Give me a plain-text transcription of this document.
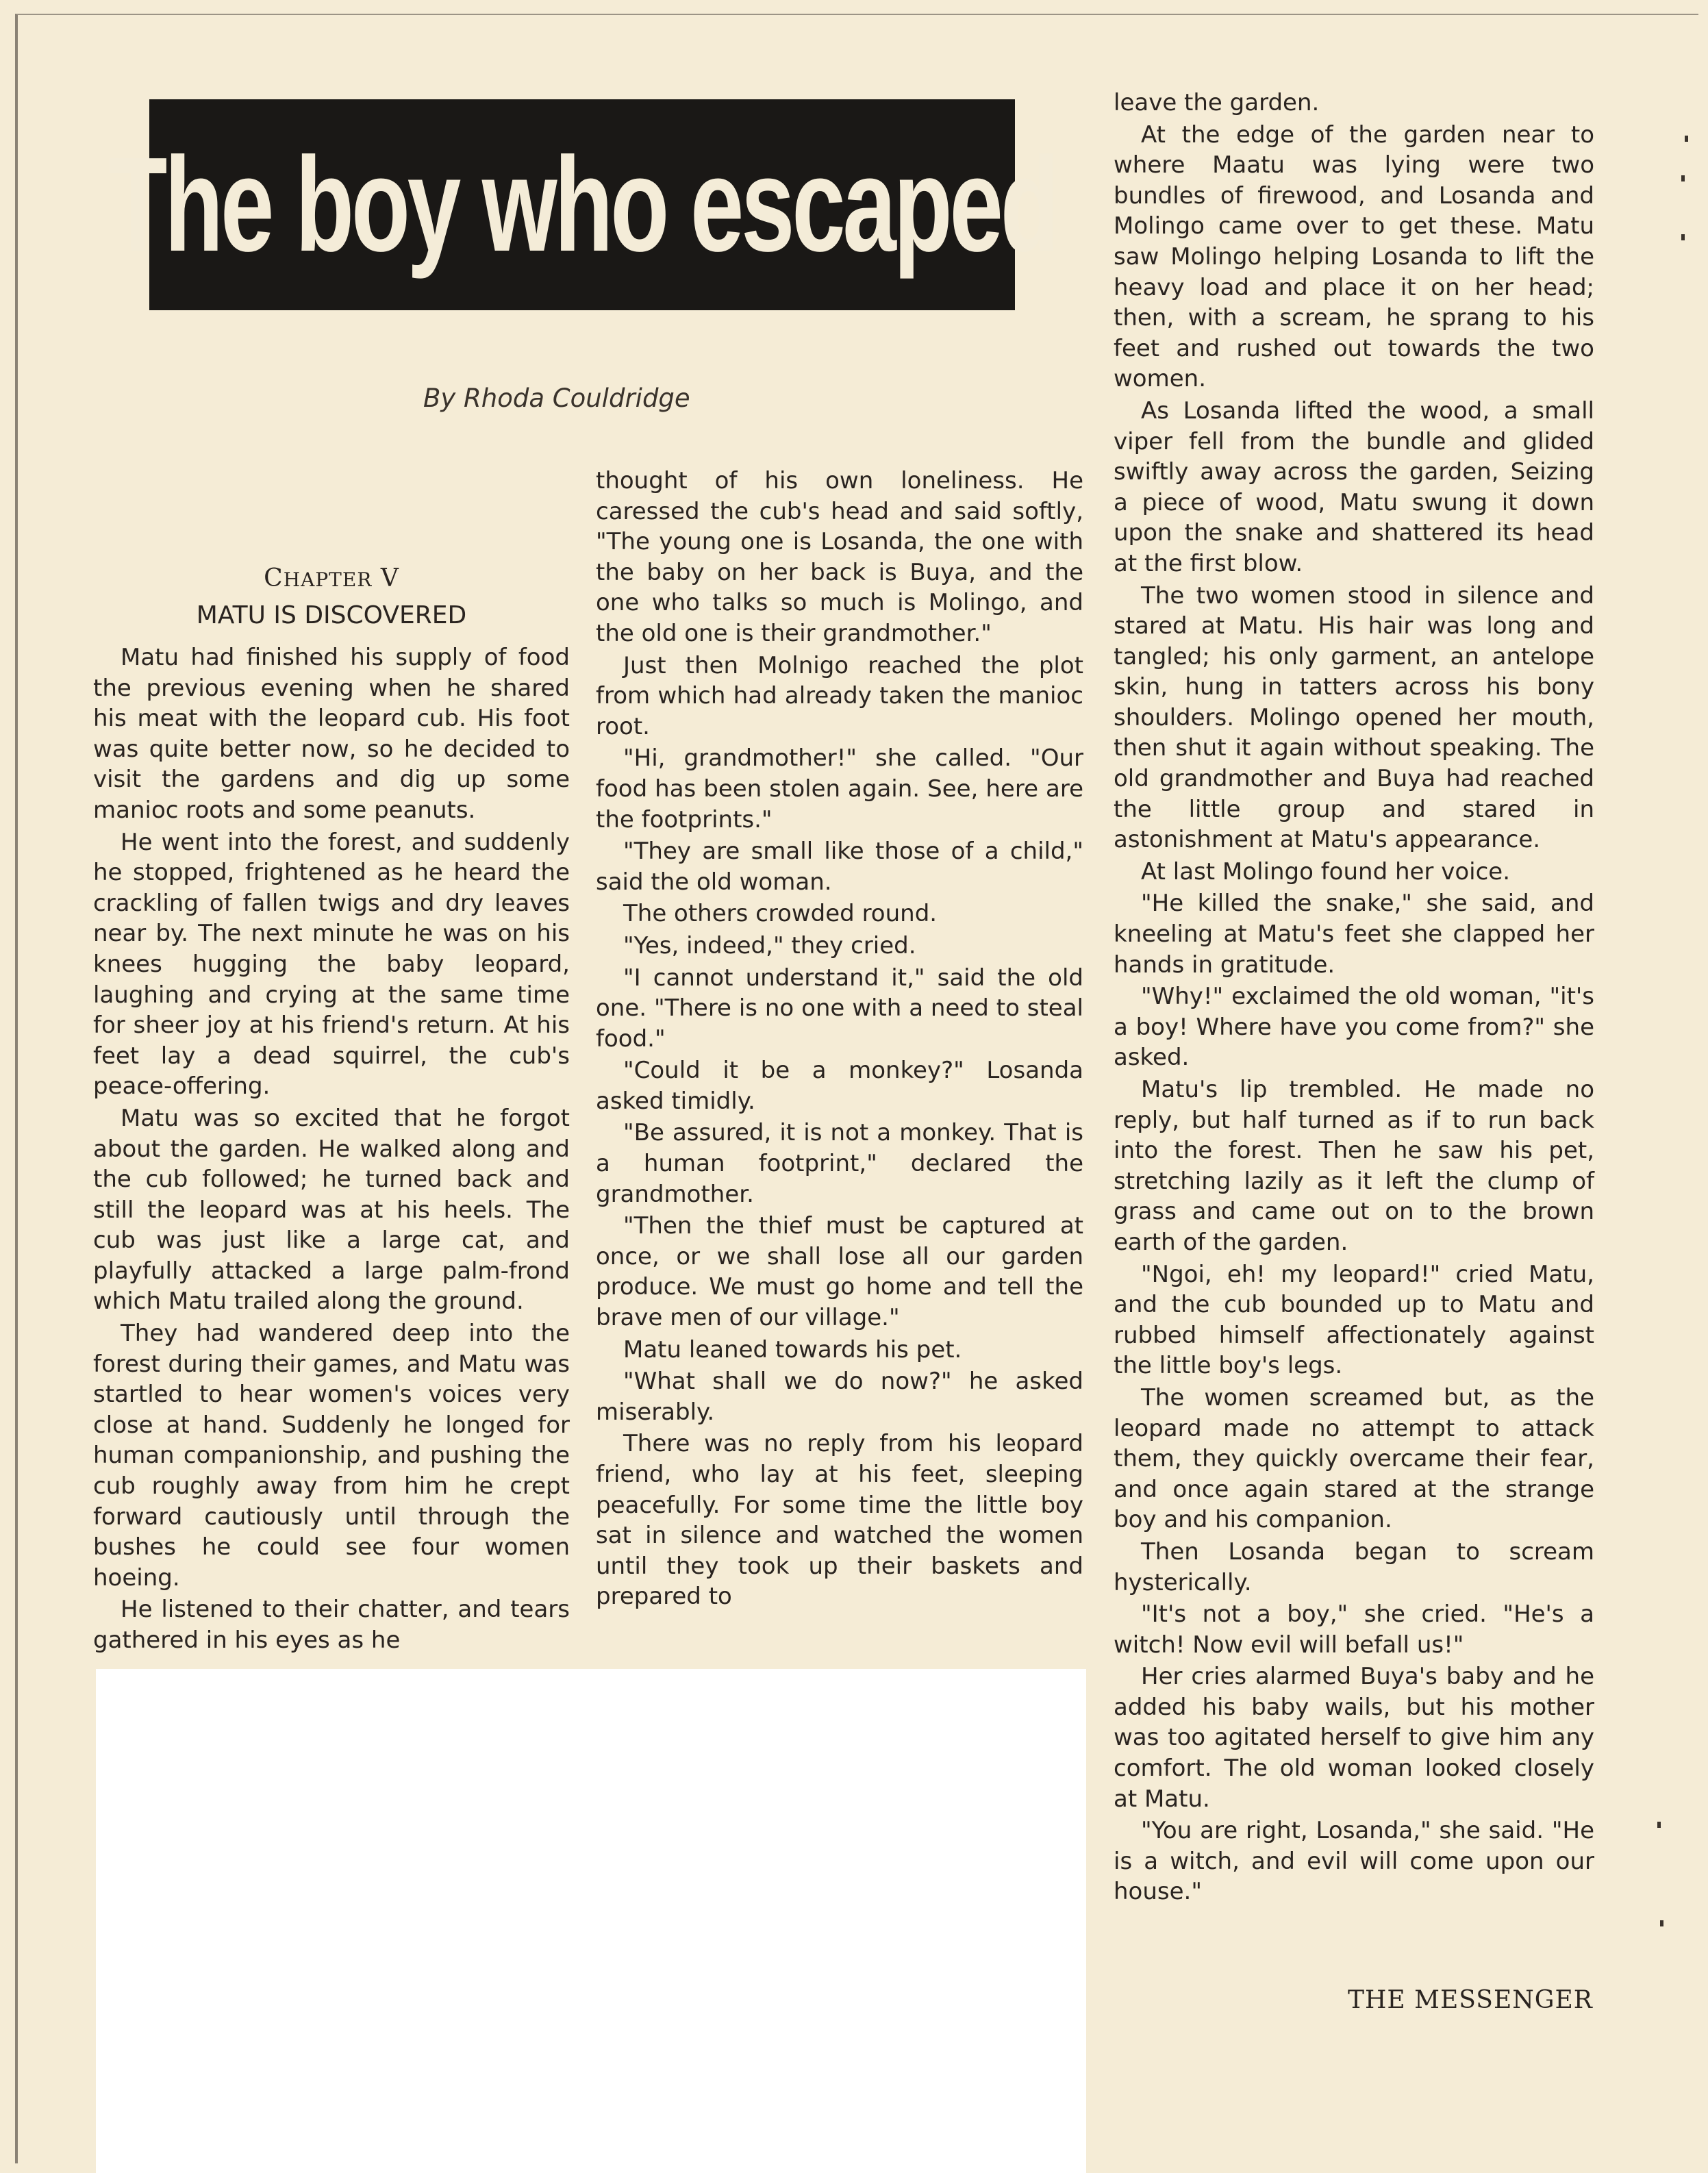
The boy who escaped
By Rhoda Couldridge

CHAPTER V

MATU IS DISCOVERED

Matu had finished his supply of food the previous evening when he shared his meat with the leopard cub. His foot was quite better now, so he decided to visit the gardens and dig up some manioc roots and some peanuts.

He went into the forest, and suddenly he stopped, frightened as he heard the crackling of fallen twigs and dry leaves near by. The next minute he was on his knees hugging the baby leopard, laughing and crying at the same time for sheer joy at his friend's return. At his feet lay a dead squirrel, the cub's peace-offering.

Matu was so excited that he forgot about the garden. He walked along and the cub followed; he turned back and still the leopard was at his heels. The cub was just like a large cat, and playfully attacked a large palm-frond which Matu trailed along the ground.

They had wandered deep into the forest during their games, and Matu was startled to hear women's voices very close at hand. Suddenly he longed for human companionship, and pushing the cub roughly away from him he crept forward cautiously until through the bushes he could see four women hoeing.

He listened to their chatter, and tears gathered in his eyes as he

thought of his own loneliness. He caressed the cub's head and said softly, "The young one is Losanda, the one with the baby on her back is Buya, and the one who talks so much is Molingo, and the old one is their grandmother."

Just then Molnigo reached the plot from which had already taken the manioc root.

"Hi, grandmother!" she called. "Our food has been stolen again. See, here are the footprints."

"They are small like those of a child," said the old woman.

The others crowded round.

"Yes, indeed," they cried.

"I cannot understand it," said the old one. "There is no one with a need to steal food."

"Could it be a monkey?" Losanda asked timidly.

"Be assured, it is not a monkey. That is a human footprint," declared the grandmother.

"Then the thief must be captured at once, or we shall lose all our garden produce. We must go home and tell the brave men of our village."

Matu leaned towards his pet.

"What shall we do now?" he asked miserably.

There was no reply from his leopard friend, who lay at his feet, sleeping peacefully. For some time the little boy sat in silence and watched the women until they took up their baskets and prepared to

leave the garden.

At the edge of the garden near to where Maatu was lying were two bundles of firewood, and Losanda and Molingo came over to get these. Matu saw Molingo helping Losanda to lift the heavy load and place it on her head; then, with a scream, he sprang to his feet and rushed out towards the two women.

As Losanda lifted the wood, a small viper fell from the bundle and glided swiftly away across the garden, Seizing a piece of wood, Matu swung it down upon the snake and shattered its head at the first blow.

The two women stood in silence and stared at Matu. His hair was long and tangled; his only garment, an antelope skin, hung in tatters across his bony shoulders. Molingo opened her mouth, then shut it again without speaking. The old grandmother and Buya had reached the little group and stared in astonishment at Matu's appearance.

At last Molingo found her voice.

"He killed the snake," she said, and kneeling at Matu's feet she clapped her hands in gratitude.

"Why!" exclaimed the old woman, "it's a boy! Where have you come from?" she asked.

Matu's lip trembled. He made no reply, but half turned as if to run back into the forest. Then he saw his pet, stretching lazily as it left the clump of grass and came out on to the brown earth of the garden.

"Ngoi, eh! my leopard!" cried Matu, and the cub bounded up to Matu and rubbed himself affectionately against the little boy's legs.

The women screamed but, as the leopard made no attempt to attack them, they quickly overcame their fear, and once again stared at the strange boy and his companion.

Then Losanda began to scream hysterically.

"It's not a boy," she cried. "He's a witch! Now evil will befall us!"

Her cries alarmed Buya's baby and he added his baby wails, but his mother was too agitated herself to give him any comfort. The old woman looked closely at Matu.

"You are right, Losanda," she said. "He is a witch, and evil will come upon our house."

THE MESSENGER
